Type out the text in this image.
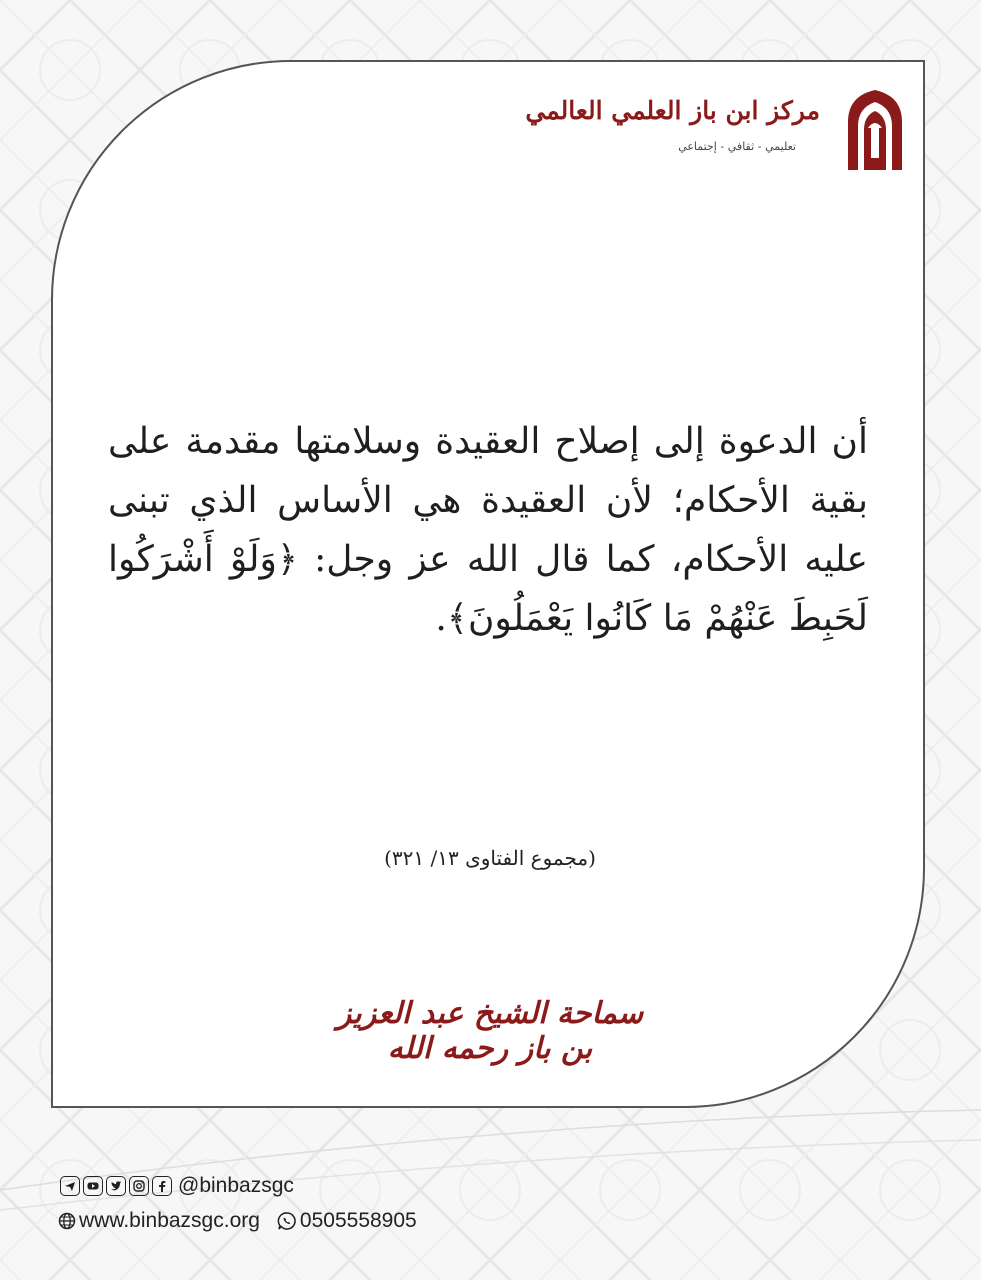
مركز ابن باز العلمي العالمي
تعليمي - ثقافي - إجتماعي
أن الدعوة إلى إصلاح العقيدة وسلامتها مقدمة على بقية الأحكام؛ لأن العقيدة هي الأساس الذي تبنى عليه الأحكام، كما قال الله عز وجل: ﴿وَلَوْ أَشْرَكُوا لَحَبِطَ عَنْهُمْ مَا كَانُوا يَعْمَلُونَ﴾.
(مجموع الفتاوى ١٣/ ٣٢١)
سماحة الشيخ عبد العزيز بن باز رحمه الله
@binbazsgc
www.binbazsgc.org 0505558905
